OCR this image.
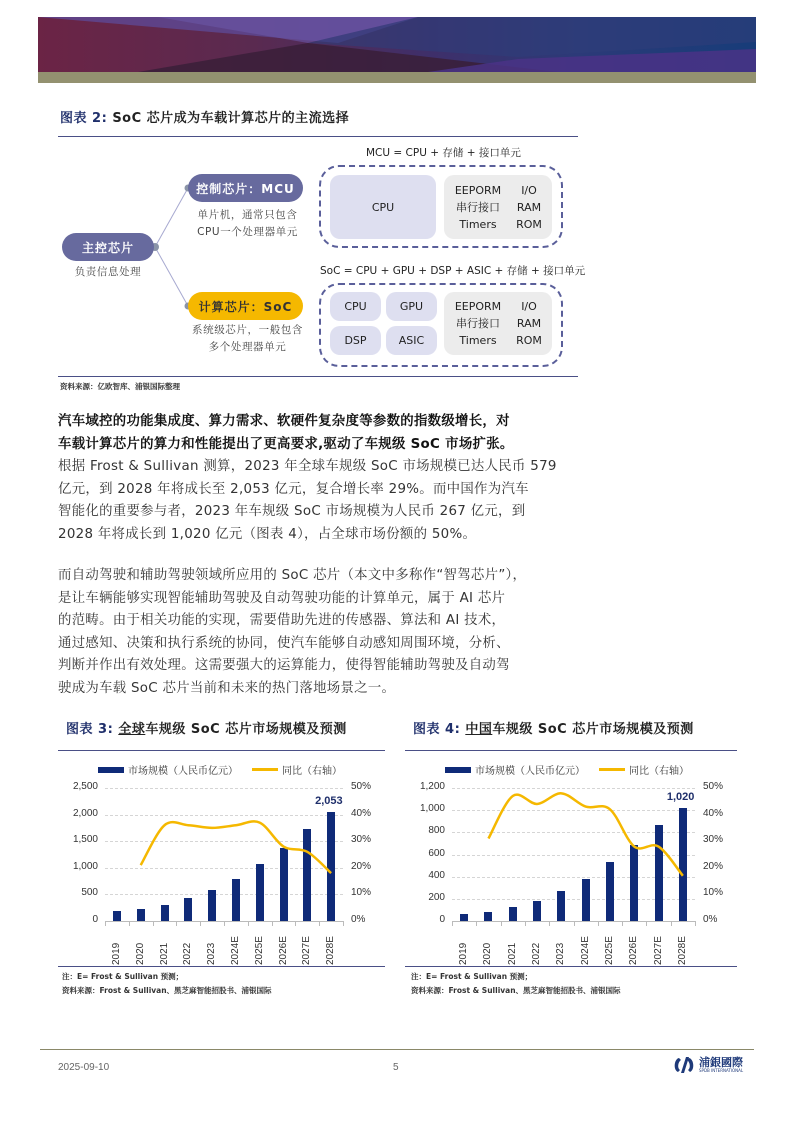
图表 2: SoC 芯片成为车载计算芯片的主流选择
主控芯片
负责信息处理
控制芯片：MCU
单片机，通常只包含
CPU一个处理器单元
计算芯片：SoC
系统级芯片，一般包含
多个处理器单元
MCU = CPU + 存储 + 接口单元
CPU
EEPORM
串行接口
Timers
I/O
RAM
ROM
SoC = CPU + GPU + DSP + ASIC + 存储 + 接口单元
CPU	GPU
DSP	ASIC
EEPORM
串行接口
Timers
I/O
RAM
ROM
资料来源：亿欧智库、浦银国际整理
汽车域控的功能集成度、算力需求、软硬件复杂度等参数的指数级增长，对
车载计算芯片的算力和性能提出了更高要求,驱动了车规级 SoC 市场扩张。
根据 Frost & Sullivan 测算，2023 年全球车规级 SoC 市场规模已达人民币 579
亿元，到 2028 年将成长至 2,053 亿元，复合增长率 29%。而中国作为汽车
智能化的重要参与者，2023 年车规级 SoC 市场规模为人民币 267 亿元，到
2028 年将成长到 1,020 亿元（图表 4），占全球市场份额的 50%。
而自动驾驶和辅助驾驶领域所应用的 SoC 芯片（本文中多称作“智驾芯片”），
是让车辆能够实现智能辅助驾驶及自动驾驶功能的计算单元，属于 AI 芯片
的范畴。由于相关功能的实现，需要借助先进的传感器、算法和 AI 技术，
通过感知、决策和执行系统的协同，使汽车能够自动感知周围环境，分析、
判断并作出有效处理。这需要强大的运算能力，使得智能辅助驾驶及自动驾
驶成为车载 SoC 芯片当前和未来的热门落地场景之一。
图表 3: 全球车规级 SoC 芯片市场规模及预测
市场规模（人民币亿元）	同比（右轴）
0
500
1,000
1,500
2,000
2,500
0%
10%
20%
30%
40%
50%
2019 2020 2021 2022 2023 2024E 2025E 2026E 2027E 2028E
2,053
注：E= Frost & Sullivan 预测；
资料来源：Frost & Sullivan、黑芝麻智能招股书、浦银国际
图表 4: 中国车规级 SoC 芯片市场规模及预测
市场规模（人民币亿元）	同比（右轴）
0
200
400
600
800
1,000
1,200
0%
10%
20%
30%
40%
50%
2019 2020 2021 2022 2023 2024E 2025E 2026E 2027E 2028E
1,020
注：E= Frost & Sullivan 预测；
资料来源：Frost & Sullivan、黑芝麻智能招股书、浦银国际
2025-09-10	5	浦銀國際
SPDB INTERNATIONAL
